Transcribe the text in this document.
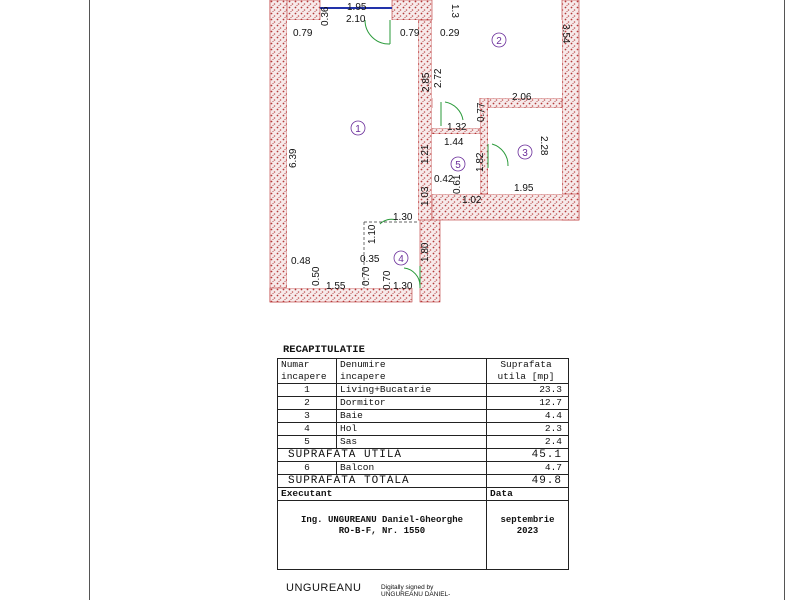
1
2
3
4
5
0.79
0.36 1.95
2.10
0.79 0.29
1.3
3.54
2.85 2.72
2.06
6.39
1.32
0.77
1.44	2.28
1.21	1.82
0.42
0.61	1.95
1.03	1.02
1.30
1.10
1.80
0.48
0.50	0.70
0.35
1.55	0.70 1.30
RECAPITULATIE
Numar
incapere	Denumire
incapere	Suprafata
utila [mp]
1	Living+Bucatarie	23.3
2	Dormitor	12.7
3	Baie	4.4
4	Hol	2.3
5	Sas	2.4
SUPRAFATA UTILA		45.1
6	Balcon	4.7
SUPRAFATA TOTALA		49.8
Executant		Data
Ing. UNGUREANU Daniel-Gheorghe
RO-B-F, Nr. 1550		septembrie
2023
UNGUREANU	Digitally signed by
UNGUREANU DANIEL-
